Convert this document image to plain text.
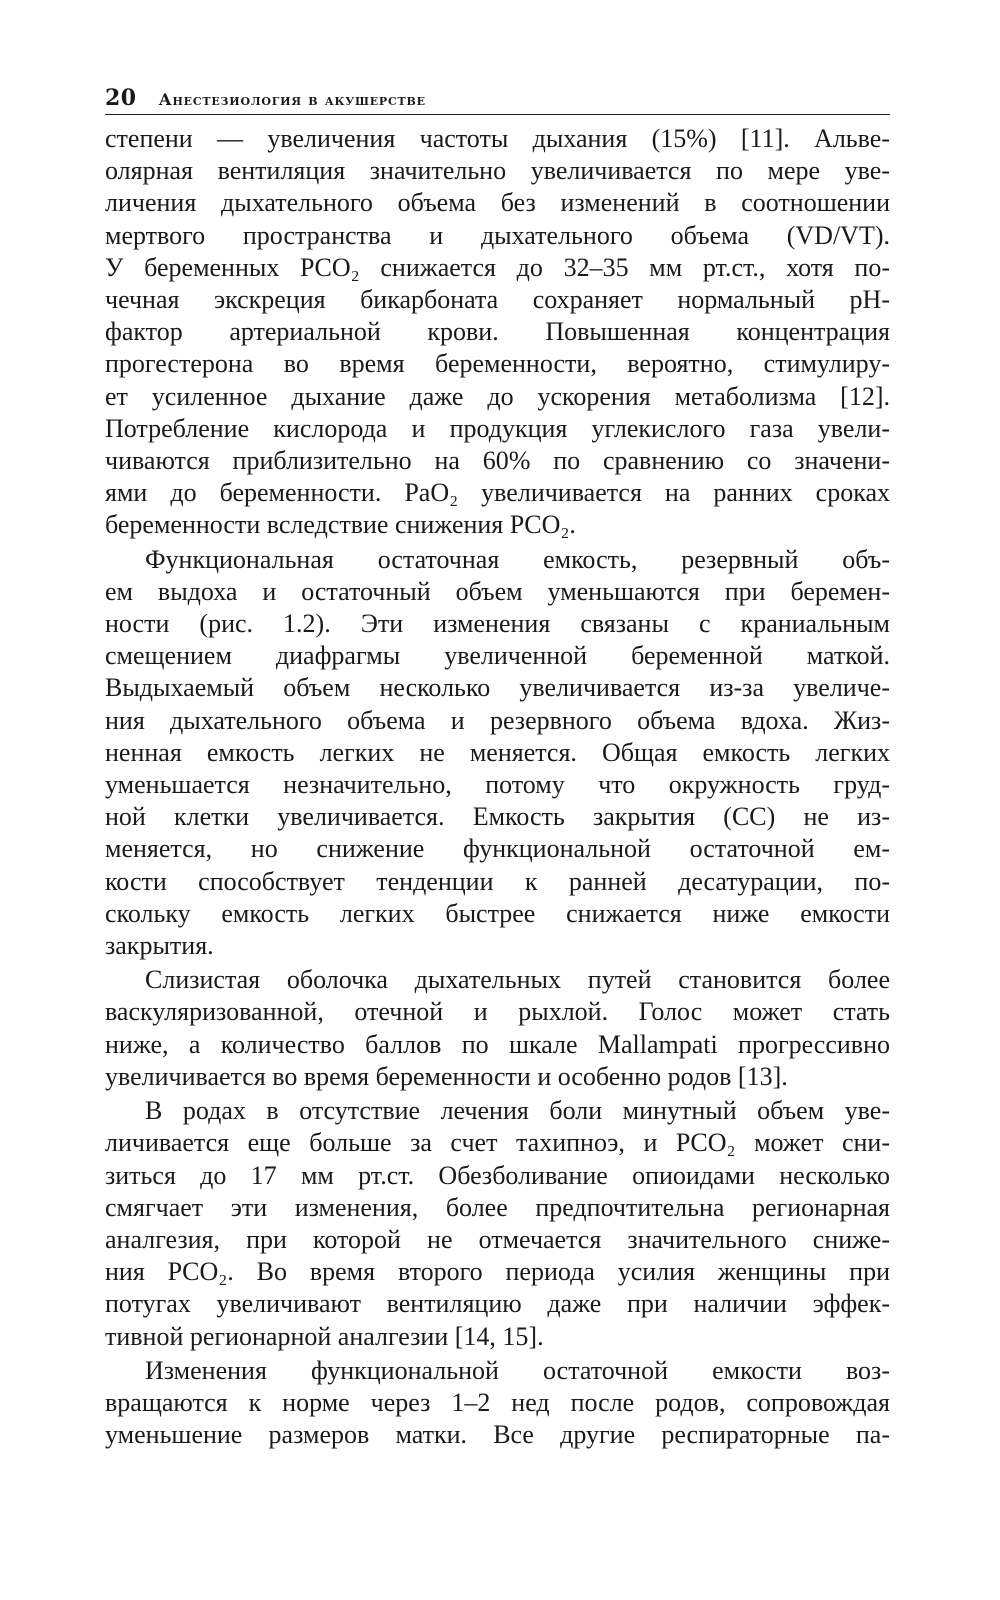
20 Анестезиология в акушерстве

степени — увеличения частоты дыхания (15%) [11]. Альве-
олярная вентиляция значительно увеличивается по мере уве-
личения дыхательного объема без изменений в соотношении
мертвого пространства и дыхательного объема (VD/VT).
У беременных PCO₂ снижается до 32–35 мм рт.ст., хотя по-
чечная экскреция бикарбоната сохраняет нормальный pH-
фактор артериальной крови. Повышенная концентрация
прогестерона во время беременности, вероятно, стимулиру-
ет усиленное дыхание даже до ускорения метаболизма [12].
Потребление кислорода и продукция углекислого газа увели-
чиваются приблизительно на 60% по сравнению со значени-
ями до беременности. PaO₂ увеличивается на ранних сроках
беременности вследствие снижения PCO₂.

Функциональная остаточная емкость, резервный объ-
ем выдоха и остаточный объем уменьшаются при беремен-
ности (рис. 1.2). Эти изменения связаны с краниальным
смещением диафрагмы увеличенной беременной маткой.
Выдыхаемый объем несколько увеличивается из-за увеличе-
ния дыхательного объема и резервного объема вдоха. Жиз-
ненная емкость легких не меняется. Общая емкость легких
уменьшается незначительно, потому что окружность груд-
ной клетки увеличивается. Емкость закрытия (CC) не из-
меняется, но снижение функциональной остаточной ем-
кости способствует тенденции к ранней десатурации, по-
скольку емкость легких быстрее снижается ниже емкости
закрытия.

Слизистая оболочка дыхательных путей становится более
васкуляризованной, отечной и рыхлой. Голос может стать
ниже, а количество баллов по шкале Mallampati прогрессивно
увеличивается во время беременности и особенно родов [13].

В родах в отсутствие лечения боли минутный объем уве-
личивается еще больше за счет тахипноэ, и PCO₂ может сни-
зиться до 17 мм рт.ст. Обезболивание опиоидами несколько
смягчает эти изменения, более предпочтительна регионарная
аналгезия, при которой не отмечается значительного сниже-
ния PCO₂. Во время второго периода усилия женщины при
потугах увеличивают вентиляцию даже при наличии эффек-
тивной регионарной аналгезии [14, 15].

Изменения функциональной остаточной емкости воз-
вращаются к норме через 1–2 нед после родов, сопровождая
уменьшение размеров матки. Все другие респираторные па-
